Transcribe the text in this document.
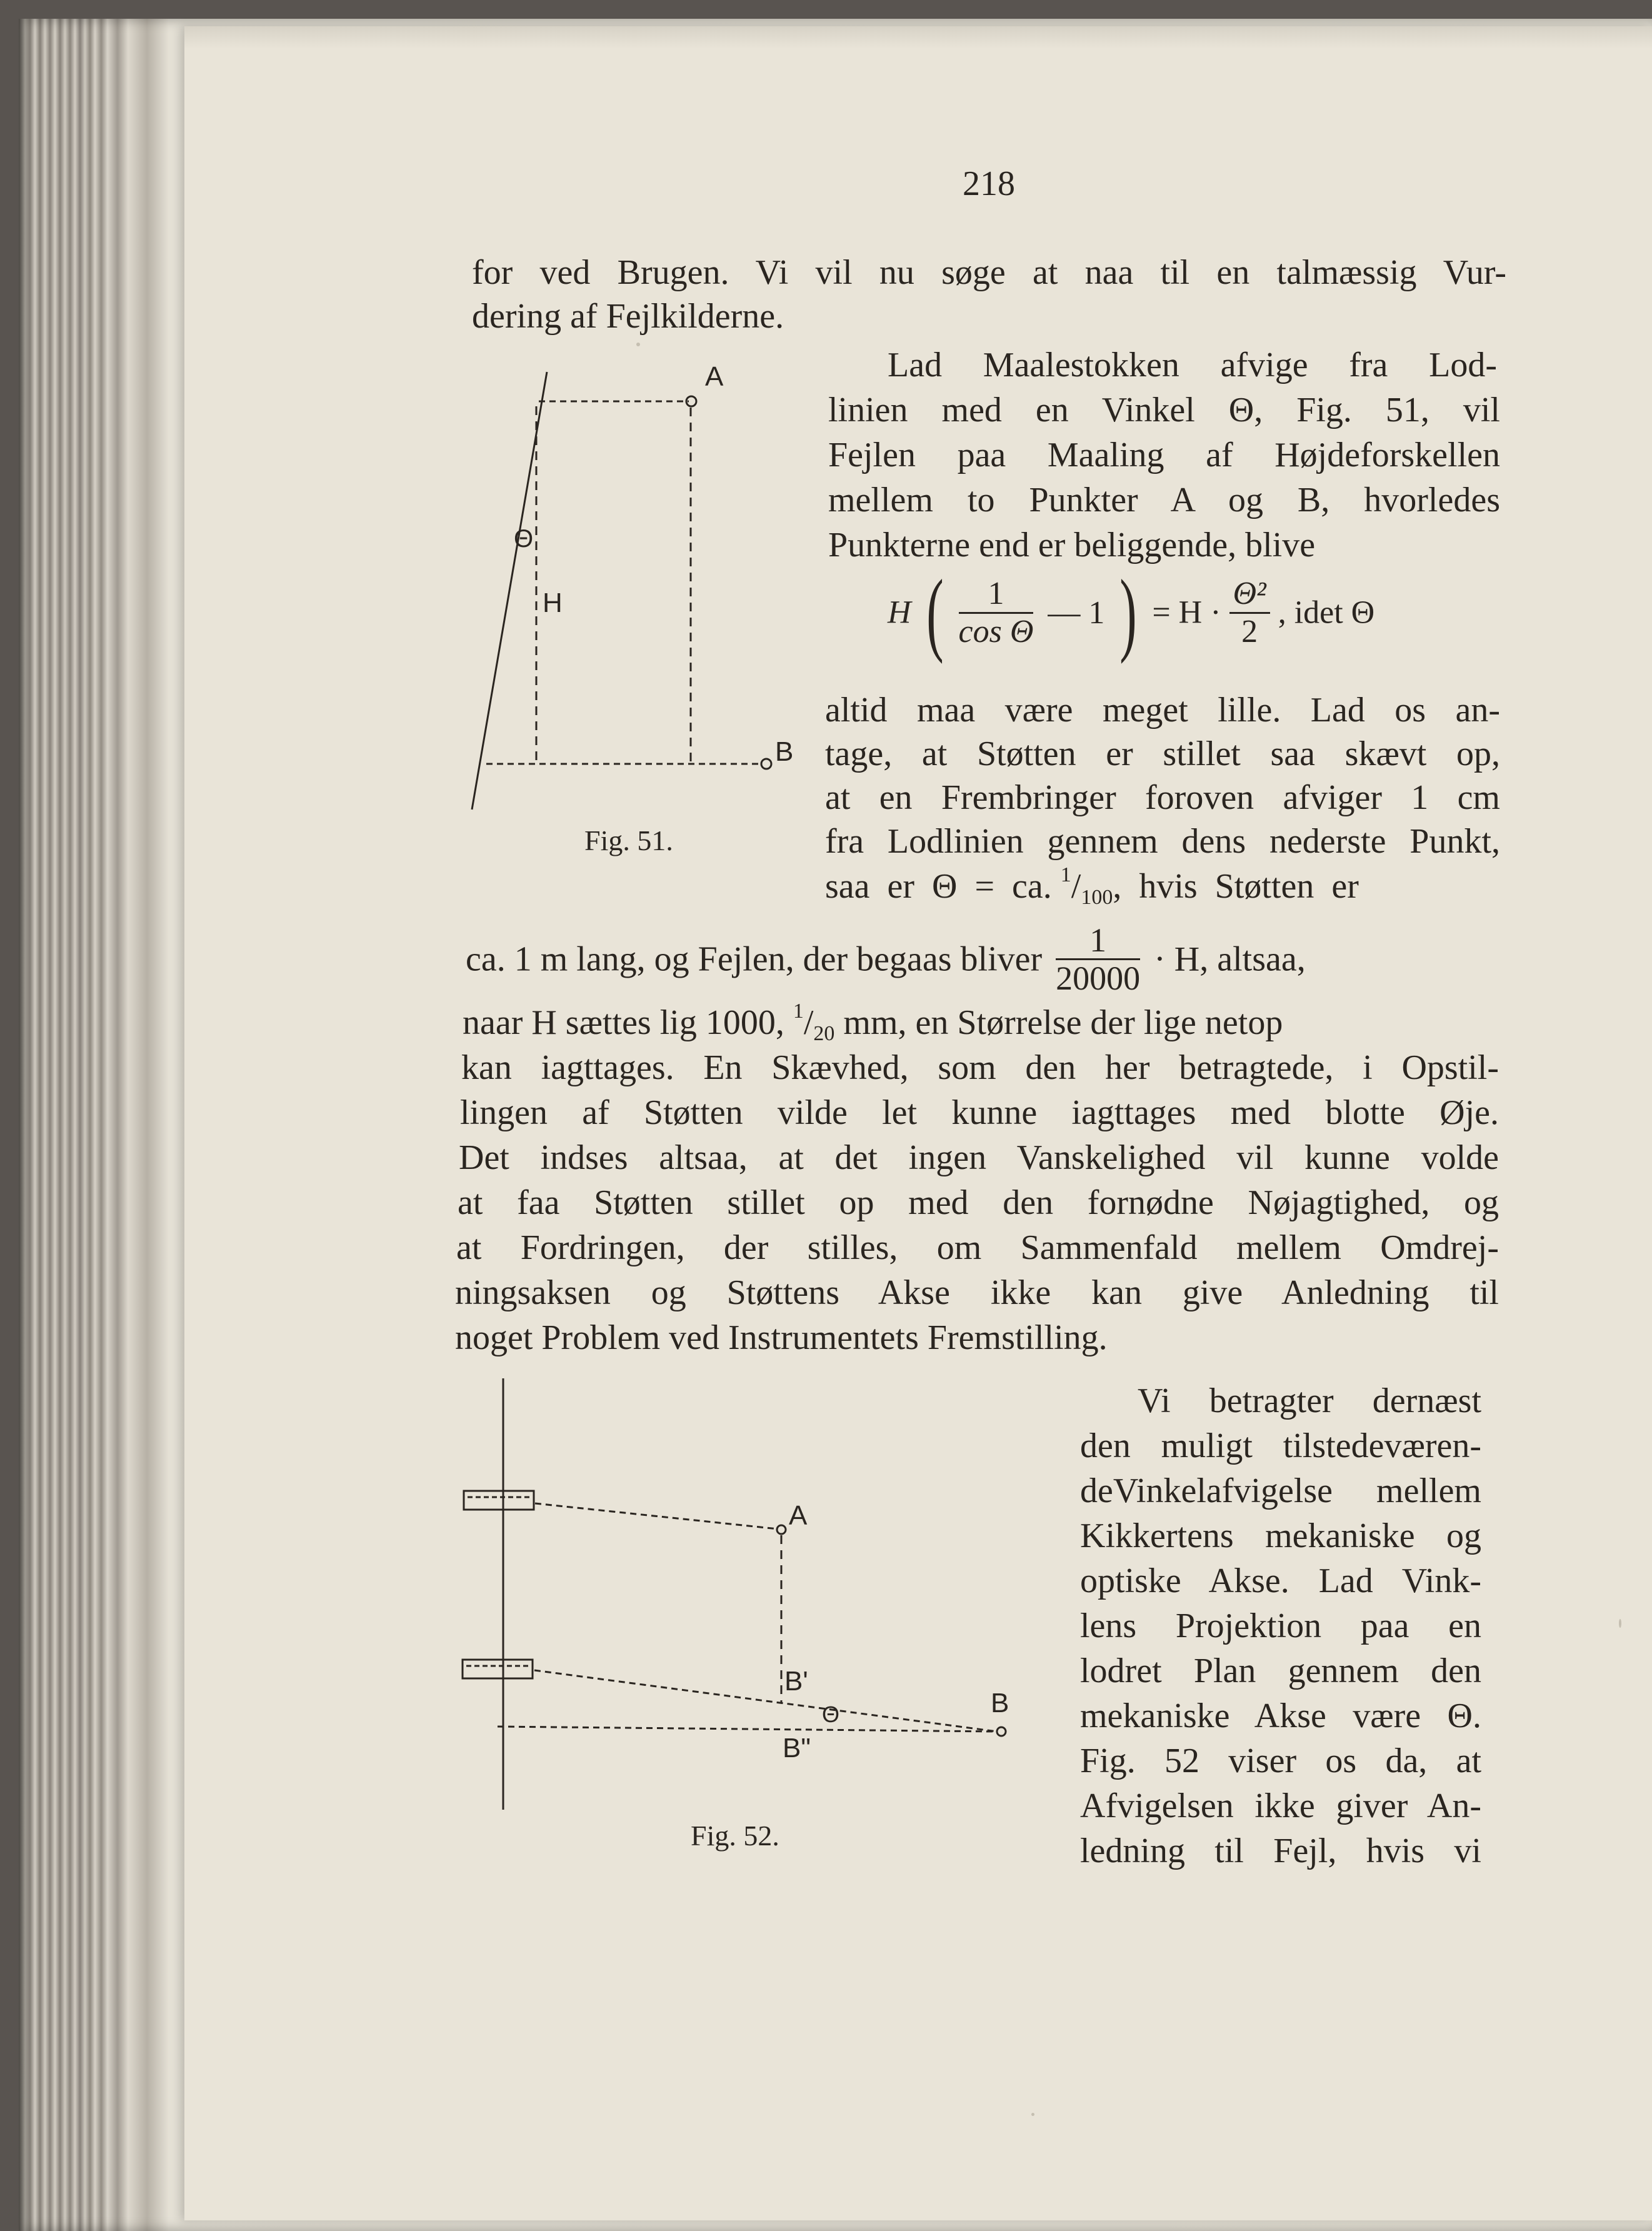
218
for ved Brugen. Vi vil nu søge at naa til en talmæssig Vur-
dering af Fejlkilderne.
Lad Maalestokken afvige fra Lod-
linien med en Vinkel Θ, Fig. 51, vil
Fejlen paa Maaling af Højdeforskellen
mellem to Punkter A og B, hvorledes
Punkterne end er beliggende, blive
H ( $\frac{1}{\text{cos Θ}}$ — 1 ) = $H \cdot \frac{\text{Θ²}}{2}$ , idet Θ
altid maa være meget lille. Lad os an-
tage, at Støtten er stillet saa skævt op,
at en Frembringer foroven afviger 1 cm
fra Lodlinien gennem dens nederste Punkt,
saa  er  Θ  =  ca. $^1$/100,  hvis  Støtten  er
ca. 1 m lang, og Fejlen, der begaas bliver $\frac{1}{20000} \cdot H$, altsaa,
naar H sættes lig 1000, $^1$/20 mm, en Størrelse der lige netop
kan iagttages. En Skævhed, som den her betragtede, i Opstil-
lingen af Støtten vilde let kunne iagttages med blotte Øje.
Det indses altsaa, at det ingen Vanskelighed vil kunne volde
at faa Støtten stillet op med den fornødne Nøjagtighed, og
at Fordringen, der stilles, om Sammenfald mellem Omdrej-
ningsaksen og Støttens Akse ikke kan give Anledning til
noget Problem ved Instrumentets Fremstilling.
Vi betragter dernæst
den muligt tilstedeværen-
deVinkelafvigelse mellem
Kikkertens mekaniske og
optiske Akse. Lad Vink-
lens Projektion paa en
lodret Plan gennem den
mekaniske Akse være Θ.
Fig. 52 viser os da, at
Afvigelsen ikke giver An-
ledning til Fejl, hvis vi
A
B
Θ
H
Fig. 51.
A
B
B'
B"
Θ
Fig. 52.
